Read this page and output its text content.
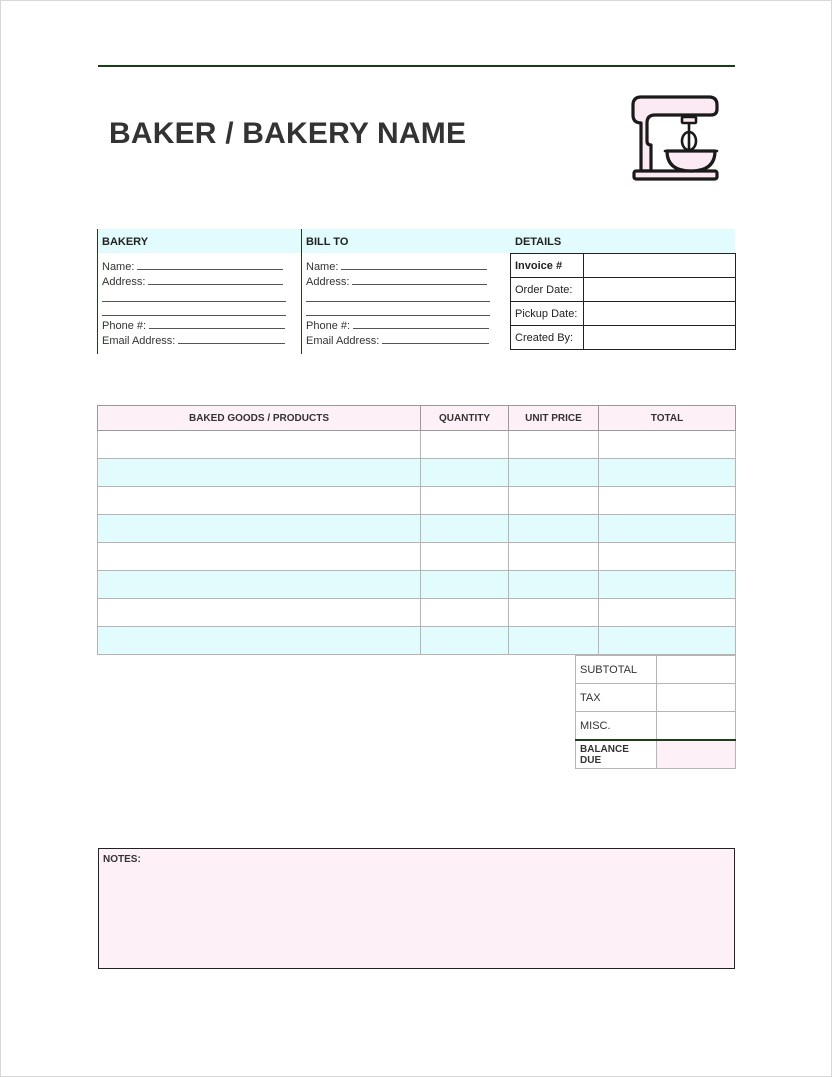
BAKER / BAKERY NAME
BAKERY
Name:
Address:
Phone #:
Email Address:
BILL TO
Name:
Address:
Phone #:
Email Address:
DETAILS
Invoice #	
Order Date:	
Pickup Date:	
Created By:	
BAKED GOODS / PRODUCTS	QUANTITY	UNIT PRICE	TOTAL

SUBTOTAL	
TAX	
MISC.	
BALANCE DUE	
NOTES:
